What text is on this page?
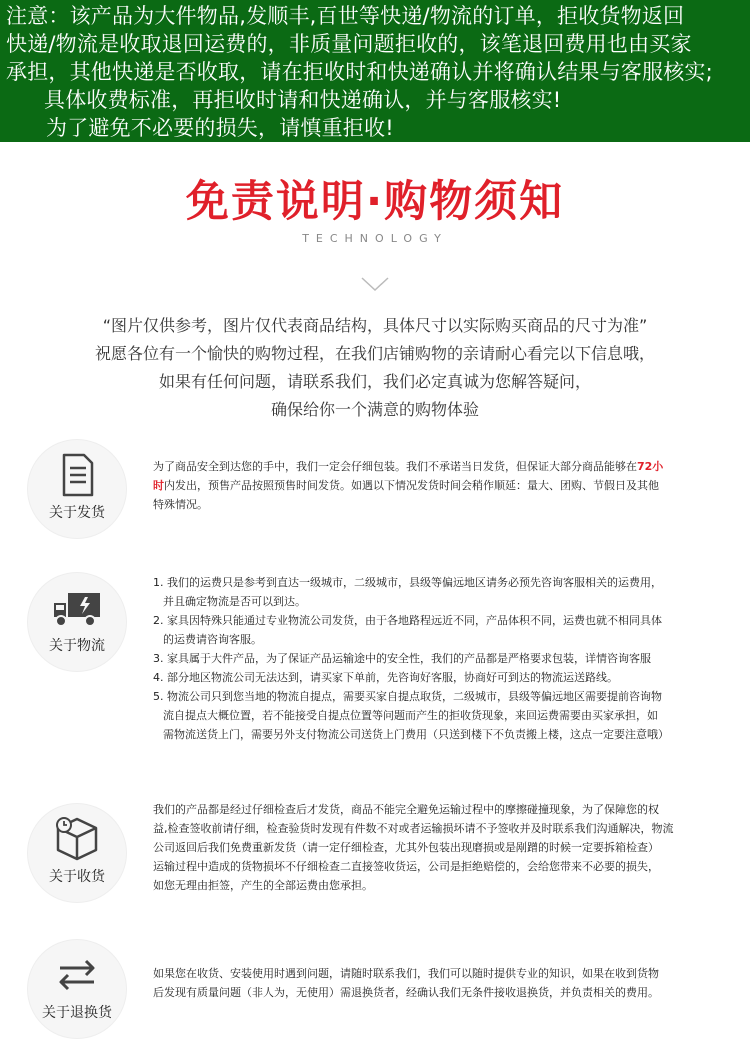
注意：该产品为大件物品,发顺丰,百世等快递/物流的订单，拒收货物返回
快递/物流是收取退回运费的，非质量问题拒收的，该笔退回费用也由买家
承担，其他快递是否收取，请在拒收时和快递确认并将确认结果与客服核实;
具体收费标准，再拒收时请和快递确认，并与客服核实!
为了避免不必要的损失，请慎重拒收!
免责说明·购物须知
TECHNOLOGY
“图片仅供参考，图片仅代表商品结构，具体尺寸以实际购买商品的尺寸为准”
祝愿各位有一个愉快的购物过程，在我们店铺购物的亲请耐心看完以下信息哦，
如果有任何问题，请联系我们，我们必定真诚为您解答疑问，
确保给你一个满意的购物体验
关于发货
为了商品安全到达您的手中，我们一定会仔细包装。我们不承诺当日发货，但保证大部分商品能够在72小
时内发出，预售产品按照预售时间发货。如遇以下情况发货时间会稍作顺延：量大、团购、节假日及其他
特殊情况。
关于物流
1. 我们的运费只是参考到直达一级城市，二级城市，县级等偏远地区请务必预先咨询客服相关的运费用，
并且确定物流是否可以到达。
2. 家具因特殊只能通过专业物流公司发货，由于各地路程远近不同，产品体积不同，运费也就不相同具体
的运费请咨询客服。
3. 家具属于大件产品，为了保证产品运输途中的安全性，我们的产品都是严格要求包装，详情咨询客服
4. 部分地区物流公司无法达到，请买家下单前，先咨询好客服，协商好可到达的物流运送路线。
5. 物流公司只到您当地的物流自提点，需要买家自提点取货，二级城市，县级等偏远地区需要提前咨询物
流自提点大概位置，若不能接受自提点位置等问题而产生的拒收货现象，来回运费需要由买家承担，如
需物流送货上门，需要另外支付物流公司送货上门费用（只送到楼下不负责搬上楼，这点一定要注意哦）
关于收货
我们的产品都是经过仔细检查后才发货，商品不能完全避免运输过程中的摩擦碰撞现象，为了保障您的权
益,检查签收前请仔细，检查验货时发现有件数不对或者运输损坏请不予签收并及时联系我们沟通解决，物流
公司返回后我们免费重新发货（请一定仔细检查，尤其外包装出现磨损或是剐蹭的时候一定要拆箱检查）
运输过程中造成的货物损坏不仔细检查二直接签收货运，公司是拒绝赔偿的，会给您带来不必要的损失，
如您无理由拒签，产生的全部运费由您承担。
关于退换货
如果您在收货、安装使用时遇到问题，请随时联系我们，我们可以随时提供专业的知识，如果在收到货物
后发现有质量问题（非人为，无使用）需退换货者，经确认我们无条件接收退换货，并负责相关的费用。
